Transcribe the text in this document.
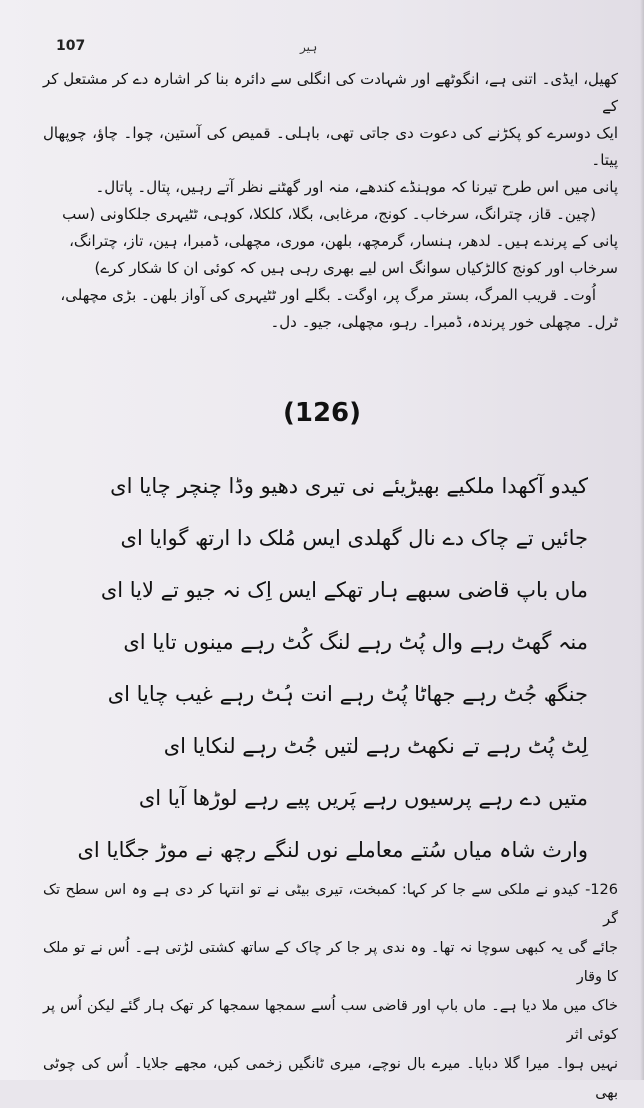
107	ہیر

کھیل، ایڈی۔ اتنی ہے، انگوٹھے اور شہادت کی انگلی سے دائرہ بنا کر اشارہ دے کر مشتعل کر کے

ایک دوسرے کو پکڑنے کی دعوت دی جاتی تھی، باہلی۔ قمیص کی آستین، چوا۔ چاؤ، چوپھال پیتا۔

پانی میں اس طرح تیرنا کہ موہنڈے کندھے، منہ اور گھٹنے نظر آتے رہیں، پتال۔ پاتال۔

(چین۔ قاز، چترانگ، سرخاب۔ کونج، مرغابی، بگلا، کلکلا، کوہی، ٹٹیہری جلکاونی (سب

پانی کے پرندے ہیں۔ لدھر، ہنسار، گرمچھ، بلھن، موری، مچھلی، ڈمبرا، ہین، تاز، چترانگ،

سرخاب اور کونج کالڑکیاں سوانگ اس لیے بھری رہی ہیں کہ کوئی ان کا شکار کرے)

اُوت۔ قریب المرگ، بستر مرگ پر، اوگت۔ بگلے اور ٹٹیہری کی آواز بلھن۔ بڑی مچھلی،

ٹرل۔ مچھلی خور پرندہ، ڈمبرا۔ رہو، مچھلی، جیو۔ دل۔

(126)
کیدو آکھدا ملکیے بھیڑیئے نی تیری دھیو وڈا چنچر چایا ای
جائیں تے چاک دے نال گھلدی ایس مُلک دا ارتھ گوایا ای
ماں باپ قاضی سبھے ہار تھکے ایس اِک نہ جیو تے لایا ای
منہ گھٹ رہے وال پُٹ رہے لنگ کُٹ رہے مینوں تایا ای
جنگھ جُٹ رہے جھاٹا پُٹ رہے انت ہُٹ رہے غیب چایا ای
لِٹ پُٹ رہے تے نکھٹ رہے لتیں جُٹ رہے لنکایا ای
متیں دے رہے پرسیوں رہے پَریں پیے رہے لوڑھا آیا ای
وارث شاہ میاں سُتے معاملے نوں لنگے رچھ نے موڑ جگایا ای

126- کیدو نے ملکی سے جا کر کہا: کمبخت، تیری بیٹی نے تو انتہا کر دی ہے وہ اس سطح تک گر

جائے گی یہ کبھی سوچا نہ تھا۔ وہ ندی پر جا کر چاک کے ساتھ کشتی لڑتی ہے۔ اُس نے تو ملک کا وقار

خاک میں ملا دیا ہے۔ ماں باپ اور قاضی سب اُسے سمجھا سمجھا کر تھک ہار گئے لیکن اُس پر کوئی اثر

نہیں ہوا۔ میرا گلا دبایا۔ میرے بال نوچے، میری ٹانگیں زخمی کیں، مجھے جلایا۔ اُس کی چوٹی بھی
